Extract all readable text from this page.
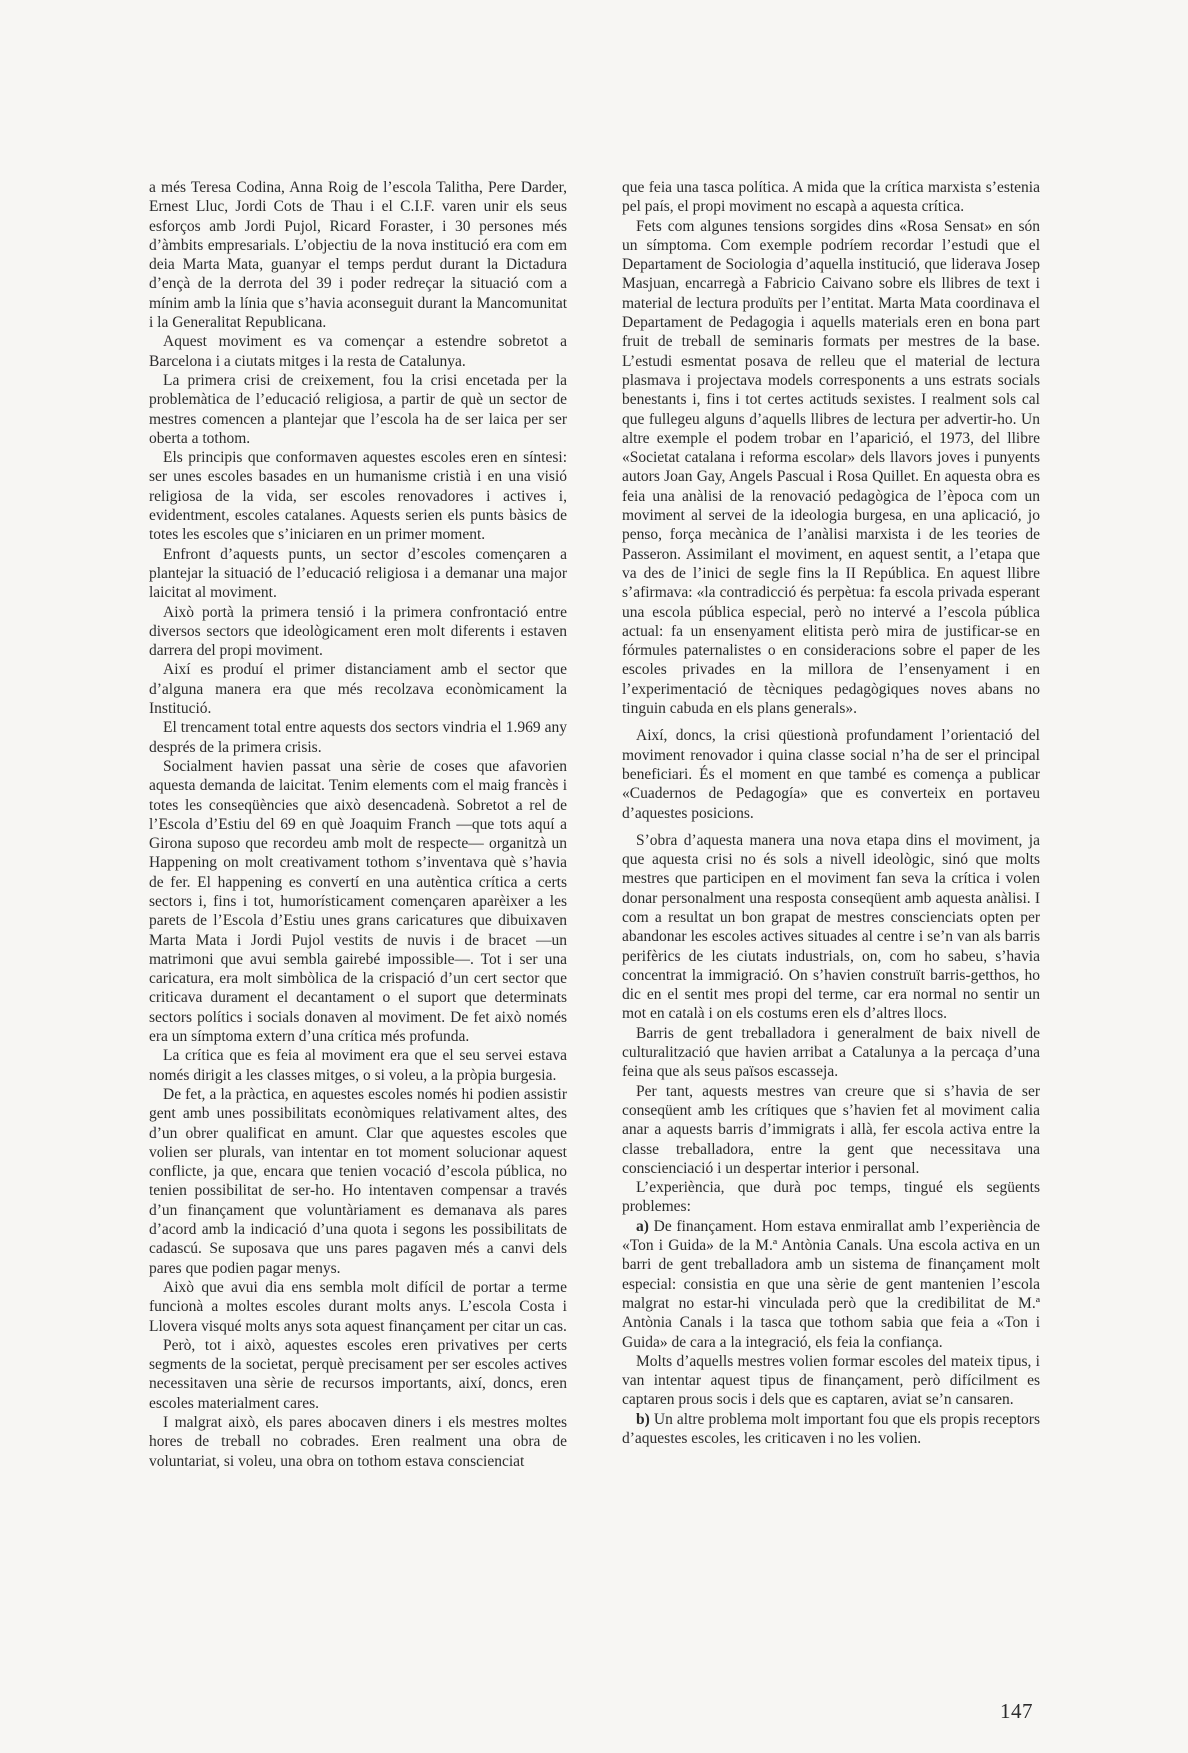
a més Teresa Codina, Anna Roig de l’escola Talitha, Pere Darder, Ernest Lluc, Jordi Cots de Thau i el C.I.F. varen unir els seus esforços amb Jordi Pujol, Ricard Foraster, i 30 persones més d’àmbits empresarials. L’objectiu de la nova institució era com em deia Marta Mata, guanyar el temps perdut durant la Dictadura d’ençà de la derrota del 39 i poder redreçar la situació com a mínim amb la línia que s’havia aconseguit durant la Mancomunitat i la Generalitat Republicana.

Aquest moviment es va començar a estendre sobretot a Barcelona i a ciutats mitges i la resta de Catalunya.

La primera crisi de creixement, fou la crisi encetada per la problemàtica de l’educació religiosa, a partir de què un sector de mestres comencen a plantejar que l’escola ha de ser laica per ser oberta a tothom.

Els principis que conformaven aquestes escoles eren en síntesi: ser unes escoles basades en un humanisme cristià i en una visió religiosa de la vida, ser escoles renovadores i actives i, evidentment, escoles catalanes. Aquests serien els punts bàsics de totes les escoles que s’iniciaren en un primer moment.

Enfront d’aquests punts, un sector d’escoles començaren a plantejar la situació de l’educació religiosa i a demanar una major laicitat al moviment.

Això portà la primera tensió i la primera confrontació entre diversos sectors que ideològicament eren molt diferents i estaven darrera del propi moviment.

Així es produí el primer distanciament amb el sector que d’alguna manera era que més recolzava econòmicament la Institució.

El trencament total entre aquests dos sectors vindria el 1.969 any després de la primera crisis.

Socialment havien passat una sèrie de coses que afavorien aquesta demanda de laicitat. Tenim elements com el maig francès i totes les conseqüències que això desencadenà. Sobretot a rel de l’Escola d’Estiu del 69 en què Joaquim Franch —que tots aquí a Girona suposo que recordeu amb molt de respecte— organitzà un Happening on molt creativament tothom s’inventava què s’havia de fer. El happening es convertí en una autèntica crítica a certs sectors i, fins i tot, humorísticament començaren aparèixer a les parets de l’Escola d’Estiu unes grans caricatures que dibuixaven Marta Mata i Jordi Pujol vestits de nuvis i de bracet —un matrimoni que avui sembla gairebé impossible—. Tot i ser una caricatura, era molt simbòlica de la crispació d’un cert sector que criticava durament el decantament o el suport que determinats sectors polítics i socials donaven al moviment. De fet això només era un símptoma extern d’una crítica més profunda.

La crítica que es feia al moviment era que el seu servei estava només dirigit a les classes mitges, o si voleu, a la pròpia burgesia.

De fet, a la pràctica, en aquestes escoles només hi podien assistir gent amb unes possibilitats econòmiques relativament altes, des d’un obrer qualificat en amunt. Clar que aquestes escoles que volien ser plurals, van intentar en tot moment solucionar aquest conflicte, ja que, encara que tenien vocació d’escola pública, no tenien possibilitat de ser-ho. Ho intentaven compensar a través d’un finançament que voluntàriament es demanava als pares d’acord amb la indicació d’una quota i segons les possibilitats de cadascú. Se suposava que uns pares pagaven més a canvi dels pares que podien pagar menys.

Això que avui dia ens sembla molt difícil de portar a terme funcionà a moltes escoles durant molts anys. L’escola Costa i Llovera visqué molts anys sota aquest finançament per citar un cas.

Però, tot i això, aquestes escoles eren privatives per certs segments de la societat, perquè precisament per ser escoles actives necessitaven una sèrie de recursos importants, així, doncs, eren escoles materialment cares.

I malgrat això, els pares abocaven diners i els mestres moltes hores de treball no cobrades. Eren realment una obra de voluntariat, si voleu, una obra on tothom estava conscienciat

que feia una tasca política. A mida que la crítica marxista s’estenia pel país, el propi moviment no escapà a aquesta crítica.

Fets com algunes tensions sorgides dins «Rosa Sensat» en són un símptoma. Com exemple podríem recordar l’estudi que el Departament de Sociologia d’aquella institució, que liderava Josep Masjuan, encarregà a Fabricio Caivano sobre els llibres de text i material de lectura produïts per l’entitat. Marta Mata coordinava el Departament de Pedagogia i aquells materials eren en bona part fruit de treball de seminaris formats per mestres de la base. L’estudi esmentat posava de relleu que el material de lectura plasmava i projectava models corresponents a uns estrats socials benestants i, fins i tot certes actituds sexistes. I realment sols cal que fullegeu alguns d’aquells llibres de lectura per advertir-ho. Un altre exemple el podem trobar en l’aparició, el 1973, del llibre «Societat catalana i reforma escolar» dels llavors joves i punyents autors Joan Gay, Angels Pascual i Rosa Quillet. En aquesta obra es feia una anàlisi de la renovació pedagògica de l’època com un moviment al servei de la ideologia burgesa, en una aplicació, jo penso, força mecànica de l’anàlisi marxista i de les teories de Passeron. Assimilant el moviment, en aquest sentit, a l’etapa que va des de l’inici de segle fins la II República. En aquest llibre s’afirmava: «la contradicció és perpètua: fa escola privada esperant una escola pública especial, però no intervé a l’escola pública actual: fa un ensenyament elitista però mira de justificar-se en fórmules paternalistes o en consideracions sobre el paper de les escoles privades en la millora de l’ensenyament i en l’experimentació de tècniques pedagògiques noves abans no tinguin cabuda en els plans generals».

Així, doncs, la crisi qüestionà profundament l’orientació del moviment renovador i quina classe social n’ha de ser el principal beneficiari. És el moment en que també es comença a publicar «Cuadernos de Pedagogía» que es converteix en portaveu d’aquestes posicions.

S’obra d’aquesta manera una nova etapa dins el moviment, ja que aquesta crisi no és sols a nivell ideològic, sinó que molts mestres que participen en el moviment fan seva la crítica i volen donar personalment una resposta conseqüent amb aquesta anàlisi. I com a resultat un bon grapat de mestres conscienciats opten per abandonar les escoles actives situades al centre i se’n van als barris perifèrics de les ciutats industrials, on, com ho sabeu, s’havia concentrat la immigració. On s’havien construït barris-getthos, ho dic en el sentit mes propi del terme, car era normal no sentir un mot en català i on els costums eren els d’altres llocs.

Barris de gent treballadora i generalment de baix nivell de culturalització que havien arribat a Catalunya a la percaça d’una feina que als seus països escasseja.

Per tant, aquests mestres van creure que si s’havia de ser conseqüent amb les crítiques que s’havien fet al moviment calia anar a aquests barris d’immigrats i allà, fer escola activa entre la classe treballadora, entre la gent que necessitava una conscienciació i un despertar interior i personal.

L’experiència, que durà poc temps, tingué els següents problemes:

a) De finançament. Hom estava enmirallat amb l’experiència de «Ton i Guida» de la M.ª Antònia Canals. Una escola activa en un barri de gent treballadora amb un sistema de finançament molt especial: consistia en que una sèrie de gent mantenien l’escola malgrat no estar-hi vinculada però que la credibilitat de M.ª Antònia Canals i la tasca que tothom sabia que feia a «Ton i Guida» de cara a la integració, els feia la confiança.

Molts d’aquells mestres volien formar escoles del mateix tipus, i van intentar aquest tipus de finançament, però difícilment es captaren prous socis i dels que es captaren, aviat se’n cansaren.

b) Un altre problema molt important fou que els propis receptors d’aquestes escoles, les criticaven i no les volien.

147
